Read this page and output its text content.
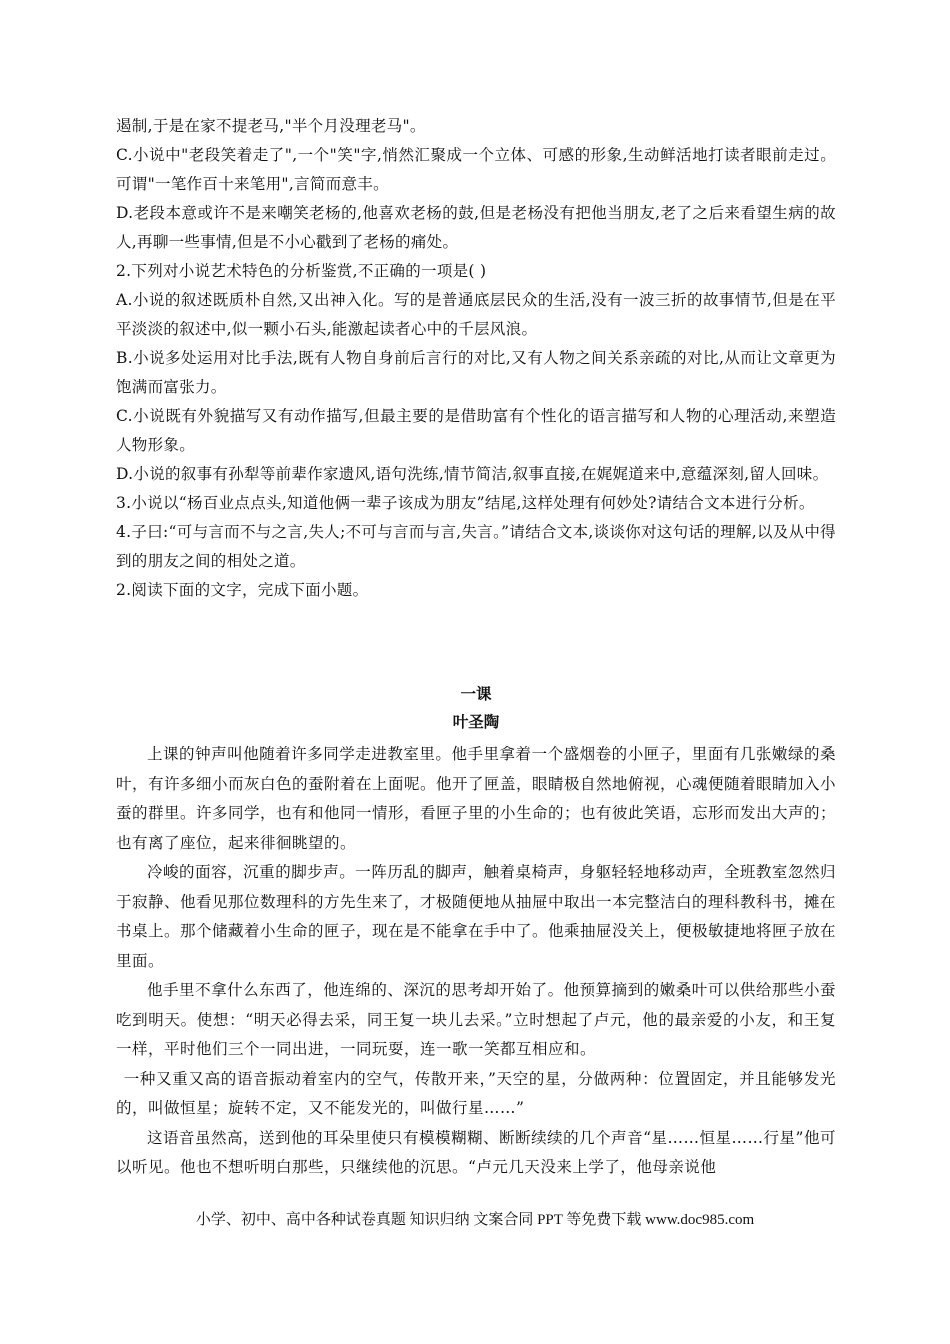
遏制,于是在家不提老马,"半个月没理老马"。

C.小说中"老段笑着走了",一个"笑"字,悄然汇聚成一个立体、可感的形象,生动鲜活地打读者眼前走过。可谓"一笔作百十来笔用",言简而意丰。

D.老段本意或许不是来嘲笑老杨的,他喜欢老杨的鼓,但是老杨没有把他当朋友,老了之后来看望生病的故人,再聊一些事情,但是不小心戳到了老杨的痛处。

2.下列对小说艺术特色的分析鉴赏,不正确的一项是( )

A.小说的叙述既质朴自然,又出神入化。写的是普通底层民众的生活,没有一波三折的故事情节,但是在平平淡淡的叙述中,似一颗小石头,能激起读者心中的千层风浪。

B.小说多处运用对比手法,既有人物自身前后言行的对比,又有人物之间关系亲疏的对比,从而让文章更为饱满而富张力。

C.小说既有外貌描写又有动作描写,但最主要的是借助富有个性化的语言描写和人物的心理活动,来塑造人物形象。

D.小说的叙事有孙犁等前辈作家遗风,语句洗练,情节简洁,叙事直接,在娓娓道来中,意蕴深刻,留人回味。

3.小说以“杨百业点点头,知道他俩一辈子该成为朋友”结尾,这样处理有何妙处?请结合文本进行分析。

4.子曰:“可与言而不与之言,失人;不可与言而与言,失言。”请结合文本,谈谈你对这句话的理解,以及从中得到的朋友之间的相处之道。

2.阅读下面的文字，完成下面小题。

一课

叶圣陶

上课的钟声叫他随着许多同学走进教室里。他手里拿着一个盛烟卷的小匣子，里面有几张嫩绿的桑叶，有许多细小而灰白色的蚕附着在上面呢。他开了匣盖，眼睛极自然地俯视，心魂便随着眼睛加入小蚕的群里。许多同学，也有和他同一情形，看匣子里的小生命的；也有彼此笑语，忘形而发出大声的；也有离了座位，起来徘徊眺望的。

冷峻的面容，沉重的脚步声。一阵历乱的脚声，触着桌椅声，身躯轻轻地移动声，全班教室忽然归于寂静、他看见那位数理科的方先生来了，才极随便地从抽屉中取出一本完整洁白的理科教科书，摊在书桌上。那个储藏着小生命的匣子，现在是不能拿在手中了。他乘抽屉没关上，便极敏捷地将匣子放在里面。

他手里不拿什么东西了，他连绵的、深沉的思考却开始了。他预算摘到的嫩桑叶可以供给那些小蚕吃到明天。使想：“明天必得去采，同王复一块儿去采。”立时想起了卢元，他的最亲爱的小友，和王复一样，平时他们三个一同出进，一同玩耍，连一歌一笑都互相应和。

一种又重又高的语音振动着室内的空气，传散开来，”天空的星，分做两种：位置固定，并且能够发光的，叫做恒星；旋转不定，又不能发光的，叫做行星……”

这语音虽然高，送到他的耳朵里使只有模模糊糊、断断续续的几个声音“星……恒星……行星”他可以听见。他也不想听明白那些，只继续他的沉思。“卢元几天没来上学了，他母亲说他

小学、初中、高中各种试卷真题 知识归纳 文案合同 PPT 等免费下载 www.doc985.com
